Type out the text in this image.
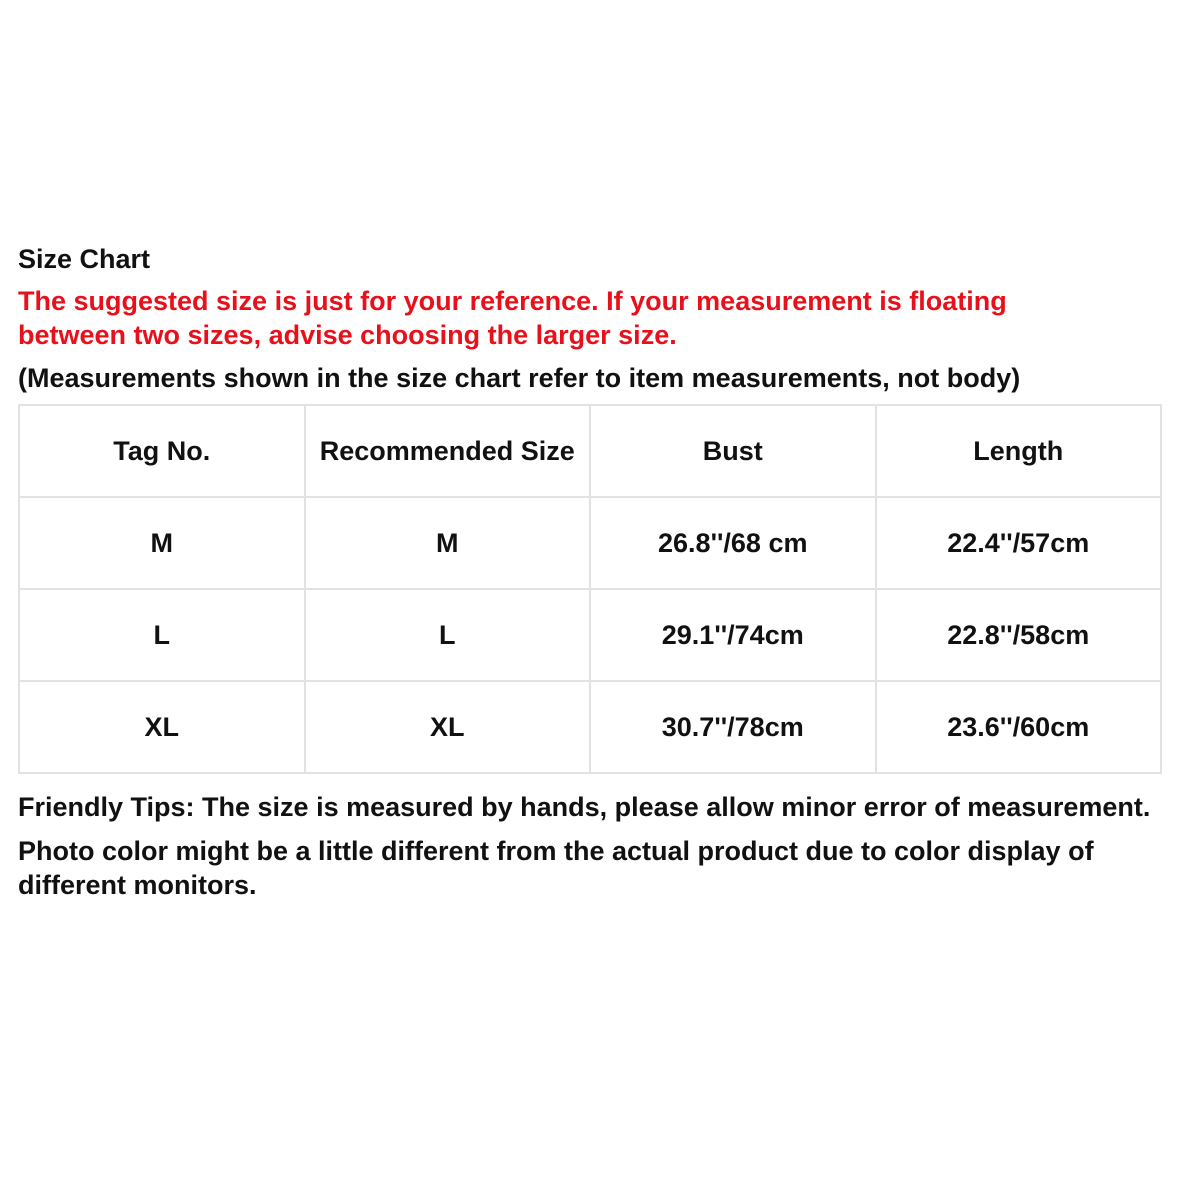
Size Chart

The suggested size is just for your reference. If your measurement is floating between two sizes, advise choosing the larger size.

(Measurements shown in the size chart refer to item measurements, not body)

Tag No.	Recommended Size	Bust	Length
M	M	26.8''/68 cm	22.4''/57cm
L	L	29.1''/74cm	22.8''/58cm
XL	XL	30.7''/78cm	23.6''/60cm

Friendly Tips: The size is measured by hands, please allow minor error of measurement.

Photo color might be a little different from the actual product due to color display of different monitors.
